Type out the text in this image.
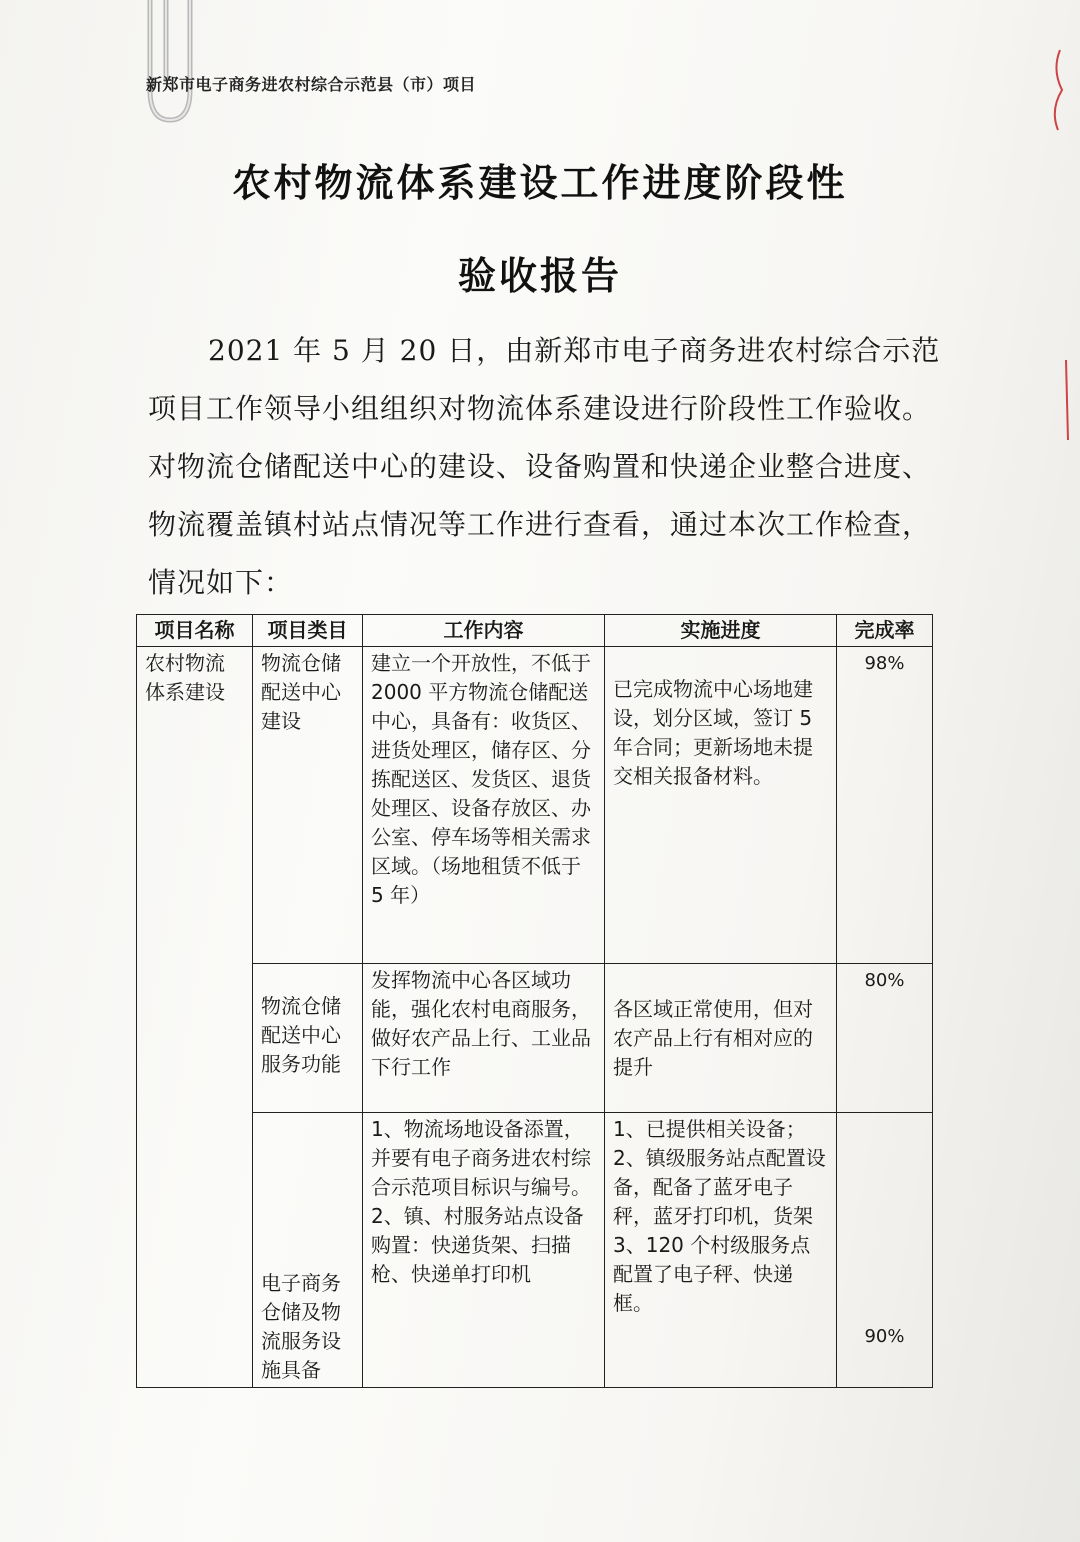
新郑市电子商务进农村综合示范县（市）项目
农村物流体系建设工作进度阶段性
验收报告
2021 年 5 月 20 日，由新郑市电子商务进农村综合示范
项目工作领导小组组织对物流体系建设进行阶段性工作验收。
对物流仓储配送中心的建设、设备购置和快递企业整合进度、
物流覆盖镇村站点情况等工作进行查看，通过本次工作检查，
情况如下：
项目名称	项目类目	工作内容	实施进度	完成率
农村物流
体系建设	物流仓储
配送中心
建设	建立一个开放性，不低于 2000 平方物流仓储配送中心，具备有：收货区、进货处理区，储存区、分拣配送区、发货区、退货处理区、设备存放区、办公室、停车场等相关需求区域。（场地租赁不低于 5 年）	已完成物流中心场地建设，划分区域，签订 5 年合同；更新场地未提交相关报备材料。	98%
	物流仓储
配送中心
服务功能	发挥物流中心各区域功能，强化农村电商服务，做好农产品上行、工业品下行工作	各区域正常使用，但对农产品上行有相对应的提升	80%
	电子商务
仓储及物
流服务设
施具备	1、物流场地设备添置，并要有电子商务进农村综合示范项目标识与编号。
2、镇、村服务站点设备购置：快递货架、扫描枪、快递单打印机	1、已提供相关设备；
2、镇级服务站点配置设备，配备了蓝牙电子秤，蓝牙打印机，货架
3、120 个村级服务点配置了电子秤、快递框。	90%
